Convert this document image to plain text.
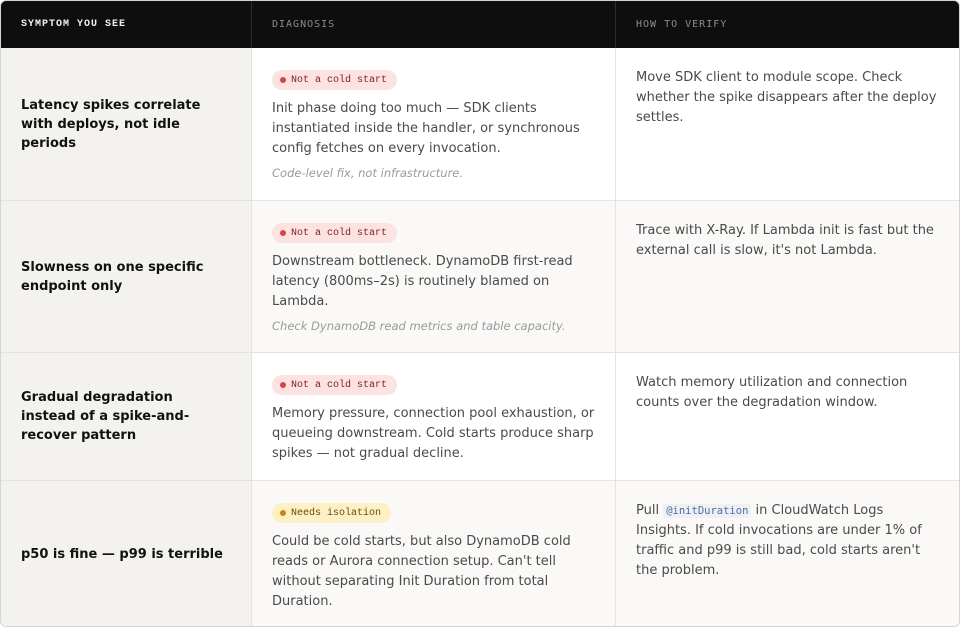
SYMPTOM YOU SEE	DIAGNOSIS	HOW TO VERIFY
Latency spikes correlate with deploys, not idle periods
Not a cold start
Init phase doing too much — SDK clients instantiated inside the handler, or synchronous config fetches on every invocation.
Code-level fix, not infrastructure.
Move SDK client to module scope. Check whether the spike disappears after the deploy settles.
Slowness on one specific endpoint only
Not a cold start
Downstream bottleneck. DynamoDB first-read latency (800ms–2s) is routinely blamed on Lambda.
Check DynamoDB read metrics and table capacity.
Trace with X-Ray. If Lambda init is fast but the external call is slow, it's not Lambda.
Gradual degradation instead of a spike-and-recover pattern
Not a cold start
Memory pressure, connection pool exhaustion, or queueing downstream. Cold starts produce sharp spikes — not gradual decline.
Watch memory utilization and connection counts over the degradation window.
p50 is fine — p99 is terrible
Needs isolation
Could be cold starts, but also DynamoDB cold reads or Aurora connection setup. Can't tell without separating Init Duration from total Duration.
Pull @initDuration in CloudWatch Logs Insights. If cold invocations are under 1% of traffic and p99 is still bad, cold starts aren't the problem.
